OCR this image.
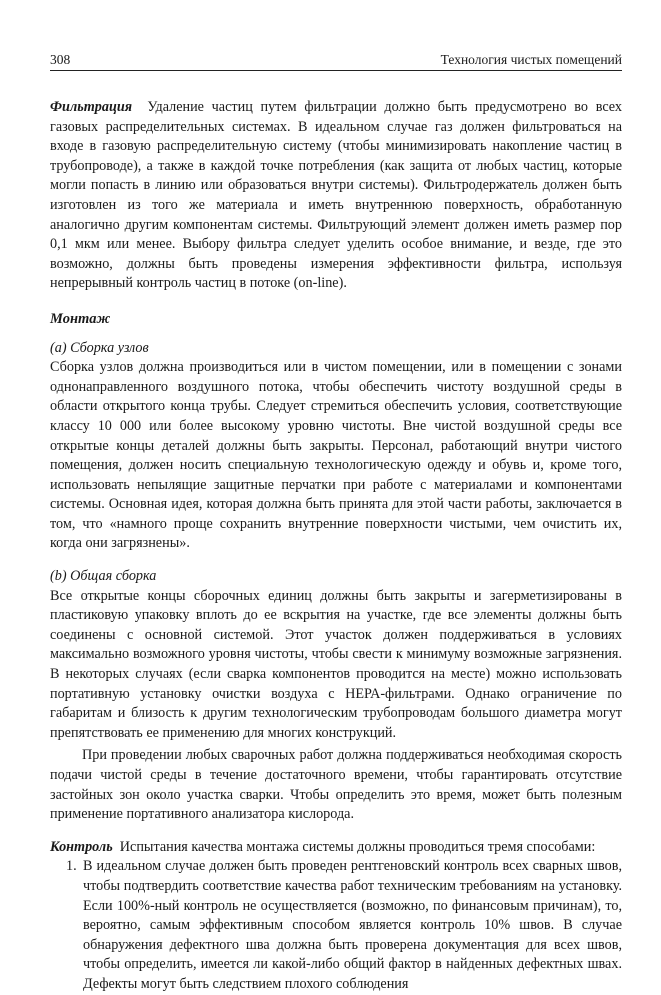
308	Технология чистых помещений

Фильтрация Удаление частиц путем фильтрации должно быть предусмотрено во всех газовых распределительных системах. В идеальном случае газ должен фильтроваться на входе в газовую распределительную систему (чтобы минимизировать накопление частиц в трубопроводе), а также в каждой точке потребления (как защита от любых частиц, которые могли попасть в линию или образоваться внутри системы). Фильтродержатель должен быть изготовлен из того же материала и иметь внутреннюю поверхность, обработанную аналогично другим компонентам системы. Фильтрующий элемент должен иметь размер пор 0,1 мкм или менее. Выбору фильтра следует уделить особое внимание, и везде, где это возможно, должны быть проведены измерения эффективности фильтра, используя непрерывный контроль частиц в потоке (on-line).

Монтаж

(а) Сборка узлов

Сборка узлов должна производиться или в чистом помещении, или в помещении с зонами однонаправленного воздушного потока, чтобы обеспечить чистоту воздушной среды в области открытого конца трубы. Следует стремиться обеспечить условия, соответствующие классу 10 000 или более высокому уровню чистоты. Вне чистой воздушной среды все открытые концы деталей должны быть закрыты. Персонал, работающий внутри чистого помещения, должен носить специальную технологическую одежду и обувь и, кроме того, использовать непылящие защитные перчатки при работе с материалами и компонентами системы. Основная идея, которая должна быть принята для этой части работы, заключается в том, что «намного проще сохранить внутренние поверхности чистыми, чем очистить их, когда они загрязнены».

(b) Общая сборка

Все открытые концы сборочных единиц должны быть закрыты и загерметизированы в пластиковую упаковку вплоть до ее вскрытия на участке, где все элементы должны быть соединены с основной системой. Этот участок должен поддерживаться в условиях максимально возможного уровня чистоты, чтобы свести к минимуму возможные загрязнения. В некоторых случаях (если сварка компонентов проводится на месте) можно использовать портативную установку очистки воздуха с НЕРА-фильтрами. Однако ограничение по габаритам и близость к другим технологическим трубопроводам большого диаметра могут препятствовать ее применению для многих конструкций.

При проведении любых сварочных работ должна поддерживаться необходимая скорость подачи чистой среды в течение достаточного времени, чтобы гарантировать отсутствие застойных зон около участка сварки. Чтобы определить это время, может быть полезным применение портативного анализатора кислорода.

Контроль Испытания качества монтажа системы должны проводиться тремя способами:

1. В идеальном случае должен быть проведен рентгеновский контроль всех сварных швов, чтобы подтвердить соответствие качества работ техническим требованиям на установку. Если 100%-ный контроль не осуществляется (возможно, по финансовым причинам), то, вероятно, самым эффективным способом является контроль 10% швов. В случае обнаружения дефектного шва должна быть проверена документация для всех швов, чтобы определить, имеется ли какой-либо общий фактор в найденных дефектных швах. Дефекты могут быть следствием плохого соблюдения
